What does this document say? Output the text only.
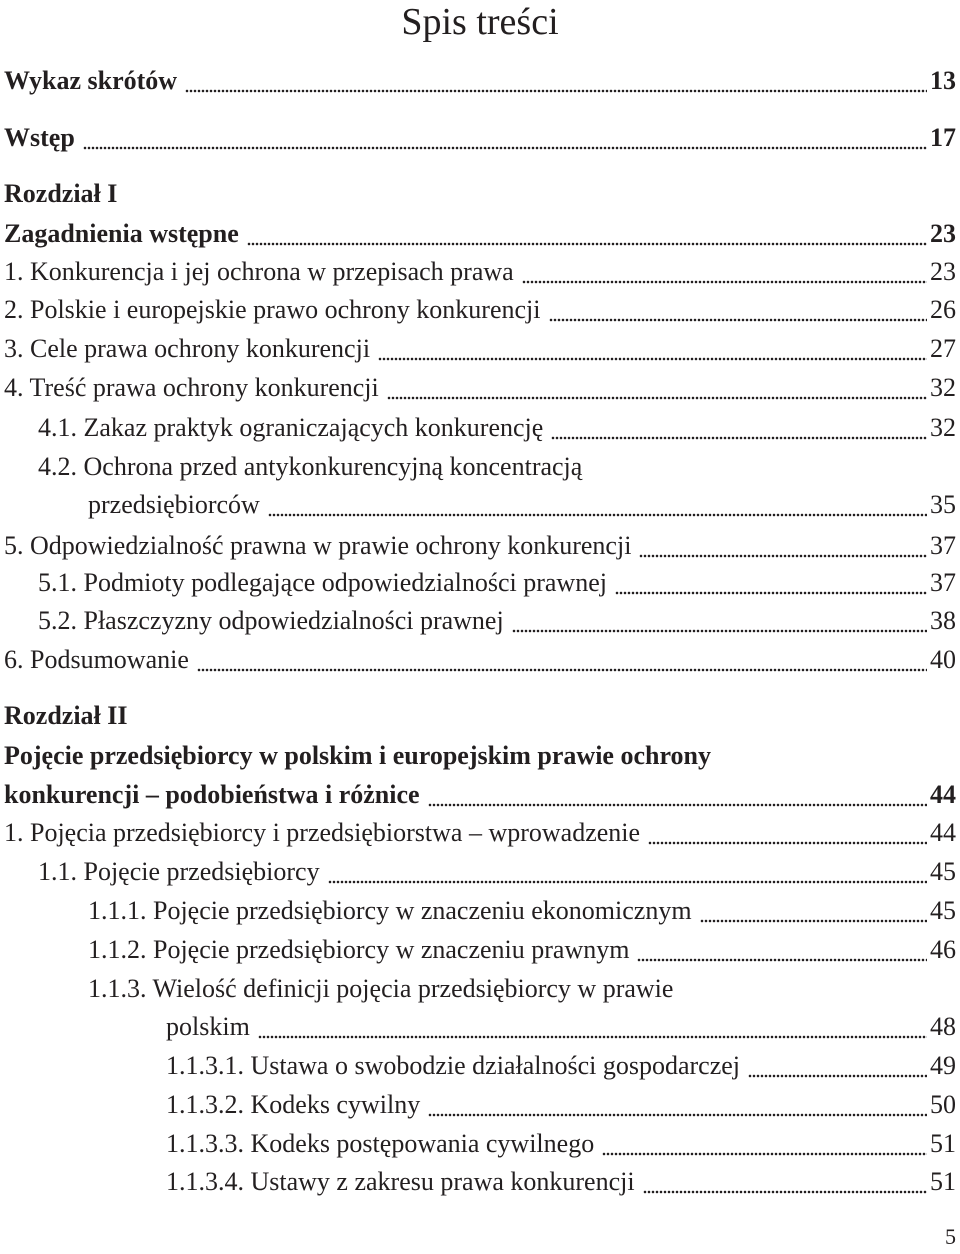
Spis treści
Wykaz skrótów	13
Wstęp	17
Rozdział I
Zagadnienia wstępne	23
1. Konkurencja i jej ochrona w przepisach prawa	23
2. Polskie i europejskie prawo ochrony konkurencji	26
3. Cele prawa ochrony konkurencji	27
4. Treść prawa ochrony konkurencji	32
4.1. Zakaz praktyk ograniczających konkurencję	32
4.2. Ochrona przed antykonkurencyjną koncentracją
przedsiębiorców	35
5. Odpowiedzialność prawna w prawie ochrony konkurencji	37
5.1. Podmioty podlegające odpowiedzialności prawnej	37
5.2. Płaszczyzny odpowiedzialności prawnej	38
6. Podsumowanie	40
Rozdział II
Pojęcie przedsiębiorcy w polskim i europejskim prawie ochrony
konkurencji – podobieństwa i różnice	44
1. Pojęcia przedsiębiorcy i przedsiębiorstwa – wprowadzenie	44
1.1. Pojęcie przedsiębiorcy	45
1.1.1. Pojęcie przedsiębiorcy w znaczeniu ekonomicznym	45
1.1.2. Pojęcie przedsiębiorcy w znaczeniu prawnym	46
1.1.3. Wielość definicji pojęcia przedsiębiorcy w prawie
polskim	48
1.1.3.1. Ustawa o swobodzie działalności gospodarczej	49
1.1.3.2. Kodeks cywilny	50
1.1.3.3. Kodeks postępowania cywilnego	51
1.1.3.4. Ustawy z zakresu prawa konkurencji	51
5
